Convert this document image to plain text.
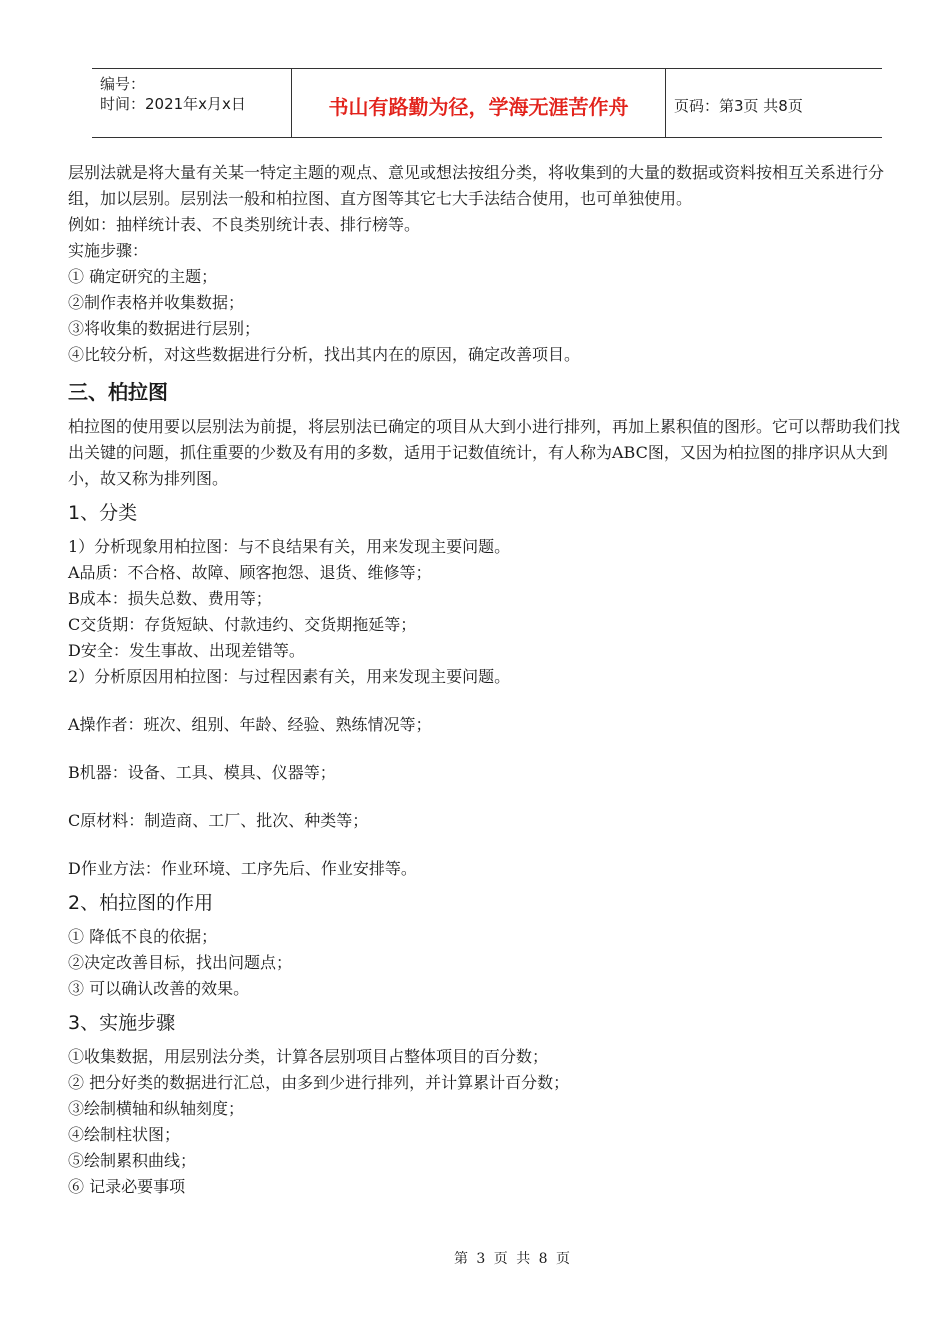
编号：
时间：2021年x月x日	书山有路勤为径，学海无涯苦作舟	页码：第3页 共8页

层别法就是将大量有关某一特定主题的观点、意见或想法按组分类，将收集到的大量的数据或资料按相互关系进行分组，加以层别。层别法一般和柏拉图、直方图等其它七大手法结合使用，也可单独使用。

例如：抽样统计表、不良类别统计表、排行榜等。

实施步骤：

① 确定研究的主题；

②制作表格并收集数据；

③将收集的数据进行层别；

④比较分析，对这些数据进行分析，找出其内在的原因，确定改善项目。

三、柏拉图

柏拉图的使用要以层别法为前提，将层别法已确定的项目从大到小进行排列，再加上累积值的图形。它可以帮助我们找出关键的问题，抓住重要的少数及有用的多数，适用于记数值统计，有人称为ABC图，又因为柏拉图的排序识从大到小，故又称为排列图。

1、分类

1）分析现象用柏拉图：与不良结果有关，用来发现主要问题。

A品质：不合格、故障、顾客抱怨、退货、维修等；

B成本：损失总数、费用等；

C交货期：存货短缺、付款违约、交货期拖延等；

D安全：发生事故、出现差错等。

2）分析原因用柏拉图：与过程因素有关，用来发现主要问题。

A操作者：班次、组别、年龄、经验、熟练情况等；

B机器：设备、工具、模具、仪器等；

C原材料：制造商、工厂、批次、种类等；

D作业方法：作业环境、工序先后、作业安排等。

2、柏拉图的作用

① 降低不良的依据；

②决定改善目标，找出问题点；

③ 可以确认改善的效果。

3、实施步骤

①收集数据，用层别法分类，计算各层别项目占整体项目的百分数；

② 把分好类的数据进行汇总，由多到少进行排列，并计算累计百分数；

③绘制横轴和纵轴刻度；

④绘制柱状图；

⑤绘制累积曲线；

⑥ 记录必要事项

第 3 页 共 8 页
